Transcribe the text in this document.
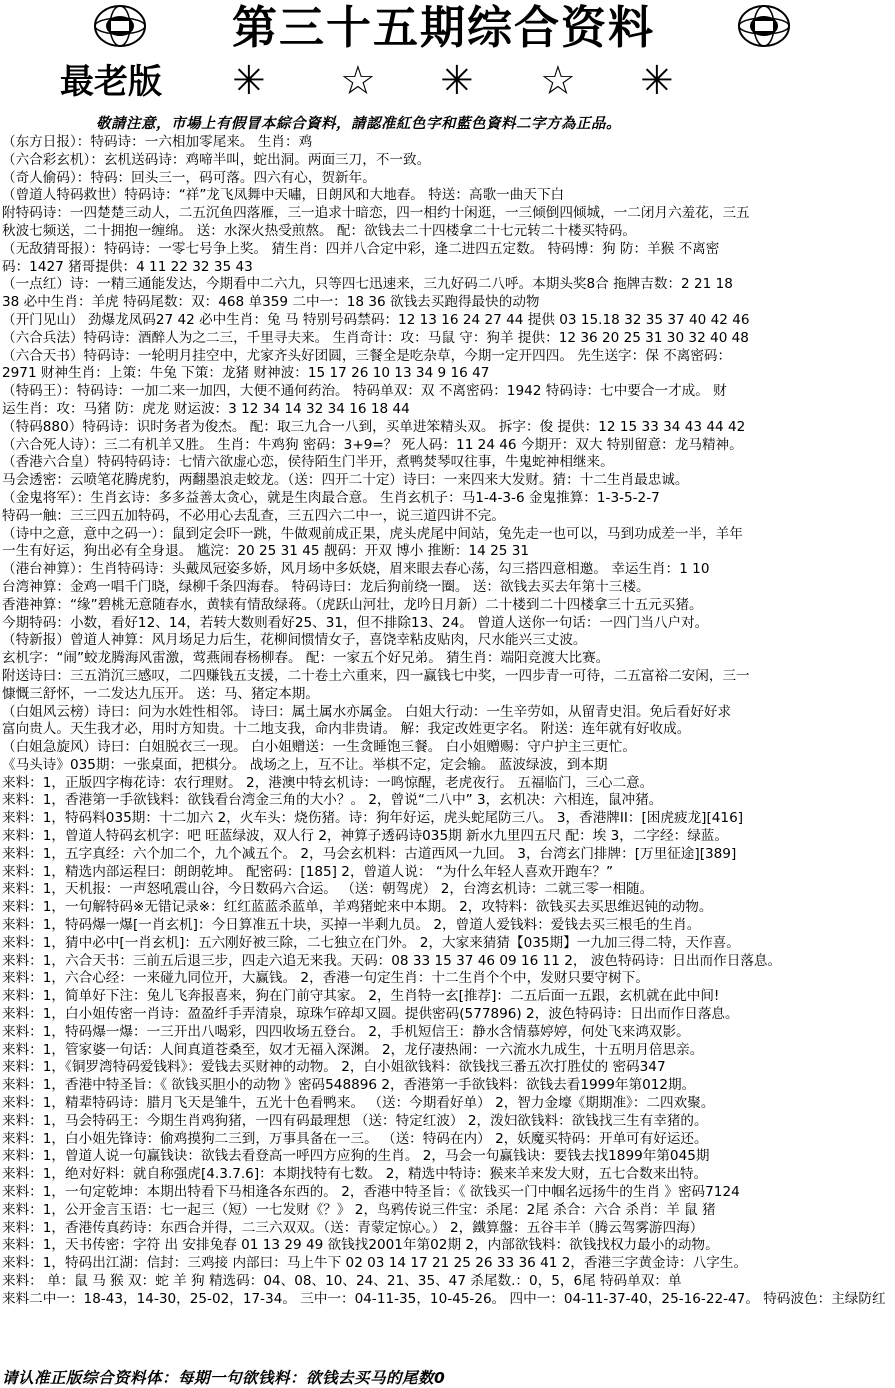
第三十五期综合资料
最老版 ✳ ☆ ✳ ☆ ✳
敬請注意，市場上有假冒本綜合資料，請認准紅色字和藍色資料二字方為正品。
（东方日报）：特码诗：一六相加零尾来。 生肖：鸡
（六合彩玄机）：玄机送码诗：鸡啼半叫，蛇出洞。两面三刀，不一致。
（奇人偷码）：特码：回头三一，码可落。四六有心，贺新年。
（曾道人特码救世）特码诗：“祥”龙飞凤舞中天嘯，日朗风和大地春。 特送：高歌一曲天下白
附特码诗：一四楚楚三动人，二五沉鱼四落雁，三一追求十暗恋，四一相约十闲逛，一三倾倒四倾城，一二闭月六羞花，三五
秋波七频送，二十拥抱一缠绵。 送：水深火热受煎熬。 配：欲钱去二十四楼拿二十七元转二十楼买特码。
（无敌猜哥报）：特码诗：一零七号争上奖。 猜生肖：四并八合定中彩，逢二进四五定数。 特码博：狗 防：羊猴 不离密
码：1427 猪哥提供：4 11 22 32 35 43
（一点红）诗：一精三通能发达，今期看中二六九，只等四七迅速来，三九好码二八呼。本期头奖8合 拖牌吉数：2 21 18
38 必中生肖：羊虎 特码尾数：双：468 单359 二中一：18 36 欲钱去买跑得最快的动物
（开门见山） 劲爆龙凤码27 42 必中生肖：兔 马 特别号码禁码：12 13 16 24 27 44 提供 03 15.18 32 35 37 40 42 46
（六合兵法）特码诗：酒醉人为之二三，千里寻夫来。 生肖奇计：攻：马鼠 守：狗羊 提供：12 36 20 25 31 30 32 40 48
（六合天书）特码诗：一轮明月挂空中，尤家齐头好团圆，三餐全是吃杂草，今期一定开四四。 先生送字：保 不离密码：
2971 财神生肖：上策：牛兔 下策：龙猪 财神波：15 17 26 10 13 34 9 16 47
（特码王）：特码诗：一加二来一加四，大便不通何药治。 特码单双：双 不离密码：1942 特码诗：七中要合一才成。 财
运生肖：攻：马猪 防：虎龙 财运波：3 12 34 14 32 34 16 18 44
（特码880）特码诗：识时务者为俊杰。 配：取三九合一八到，买单进笨精头双。 拆字：俊 提供：12 15 33 34 43 44 42
（六合死人诗）：三二有机羊又胜。 生肖：牛鸡狗 密码：3+9=？ 死人码：11 24 46 今期开：双大 特别留意：龙马精神。
（香港六合皇）特码特码诗：七情六欲虚心恋，侯待陌生门半开，煮鸭焚琴叹往事，牛鬼蛇神相继来。
马会透密：云喷笔花腾虎豹，两翻墨浪走蛟龙。（送：四开二十定）诗曰：一来四来大发财。猜：十二生肖最忠诚。
（金鬼将军）：生肖玄诗：多多益善太贪心，就是生肉最合意。 生肖玄机子：马1-4-3-6 金鬼推算：1-3-5-2-7
特码一触：三三四五加特码，不必用心去乱查，三五四六二中一，说三道四讲不完。
（诗中之意，意中之码一）：鼠到定会吓一跳，牛做观前成正果，虎头虎尾中间站，兔先走一也可以，马到功成差一半，羊年
一生有好运，狗出必有全身退。 尴浣：20 25 31 45 靓码：开双 博小 推断：14 25 31
（港台神算）：生肖特码诗：头戴凤冠姿多娇，风月场中多妖娆，眉来眼去春心荡，勾三搭四意相邀。 幸运生肖：1 10
台湾神算：金鸡一唱千门晓，绿柳千条四海春。 特码诗曰：龙后狗前绕一圈。 送：欲钱去买去年第十三楼。
香港神算：“缘”碧桃无意随春水，黄犊有情敌绿蒋。（虎跃山河壮，龙吟日月新）二十楼到二十四楼拿三十五元买猪。
今期特码：小数，看好12、14，若转大数则看好25、31，但不排除13、24。 曾道人送你一句话：一四门当八户对。
（特新报）曾道人神算：风月场足力后生，花柳间惯情女子，喜饶幸粘皮贴肉，尺水能兴三丈波。
玄机字：“闹”蛟龙腾海风雷激，莺燕闹春杨柳春。 配：一家五个好兄弟。 猜生肖：端阳竞渡大比赛。
附送诗曰：三五消沉三感叹，二四赚钱五支援，二十卷土六重来，四一赢钱七中奖，一四步青一可待，二五富裕二安闲，三一
慷慨三舒怀，一二发达九压开。 送：马、猪定本期。
（白姐风云榜）诗曰：问为水姓性相邻。 诗曰：属土属水亦属金。 白姐大行动：一生辛劳如，从留青史泪。免后看好好求
富向贵人。天生我才必，用时方知贵。十二地支我，命内非贵请。 解：我定改姓更字名。 附送：连年就有好收成。
（白姐急旋风）诗曰：白姐脱衣三一现。 白小姐赠送：一生贪睡饱三餐。 白小姐赠赐：守户护主三更忙。
《马头诗》035期：一张桌面，把棋分。 战场之上，互不让。举棋不定，定会输。 蓝波绿波，到本期
来料：1，正版四字梅花诗：农行理财。 2，港澳中特玄机诗：一鸣惊醒，老虎夜行。 五福临门，三心二意。
来料：1，香港第一手欲钱料：欲钱看台湾金三角的大小？。 2，曾说“二八中” 3，玄机决：六相连，鼠冲猪。
来料：1，特码料035期：十二加六 2，火车头：烧伤猪。诗：狗年好运，虎头蛇尾防三八。 3，香港牌II：[困虎疲龙][416]
来料：1，曾道人特码玄机字：吧 旺蓝绿波，双人行 2，神算子透码诗035期 新水九里四五尺 配：埃 3，二字经：绿蓝。
来料：1，五字真经：六个加二个，九个减五个。 2，马会玄机料：古道西风一九回。 3，台湾玄门排牌：[万里征途][389]
来料：1，精选内部运程曰：朗朗乾坤。 配密码：[185] 2，曾道人说： “为什么年轻人喜欢开跑车？”
来料：1，天机报：一声怒吼震山谷，今日数码六合运。 （送：朝驾虎） 2，台湾玄机诗：二就三零一相随。
来料：1，一句解特码※无错记录※：红红蓝蓝杀蓝单，羊鸡猪蛇来中本期。 2，攻特料：欲钱买去买思维迟钝的动物。
来料：1，特码爆一爆[一肖玄机]：今日算准五十块，买掉一半剩九员。 2，曾道人爱钱料：爱钱去买三根毛的生肖。
来料：1，猜中必中[一肖玄机]：五六刚好被三除，二七独立在门外。 2，大家来猜猜【035期】一九加三得二特，天作喜。
来料：1，六合天书：三前五后退三步，四走六追无来我。天码：08 33 15 37 46 09 16 11 2， 波色特码诗：日出而作日落息。
来料：1，六合心经：一来碰九同位开，大赢钱。 2，香港一句定生肖：十二生肖个个中，发财只要守树下。
来料：1，简单好下注：兔儿飞奔报喜来，狗在门前守其家。 2，生肖特一玄[推荐]：二五后面一五跟，玄机就在此中间!
来料：1，白小姐传密一肖诗：盈盈纤手弄清泉，琼珠乍碎却又圆。提供密码(577896) 2，波色特码诗：日出而作日落息。
来料：1，特码爆一爆：一三开出八喝彩，四四收场五登台。 2，手机短信王：静水含情慕婷婷，何处飞来鸿双影。
来料：1，管家婆一句话：人间真道苍桑至，奴才无福入深渊。 2，龙仔凄热闹：一六流水九成生，十五明月倍思亲。
来料：1，《铜罗湾特码爱钱料》：爱钱去买财神的动物。 2，白小姐欲钱料：欲钱找三番五次打胜仗的 密码347
来料：1，香港中特圣旨：《 欲钱买胆小的动物 》密码548896 2，香港第一手欲钱料：欲钱去看1999年第012期。
来料：1，精辈特码诗：腊月飞天是雏牛，五光十色看鸭来。 （送：今期看好单） 2，智力金壕《期期准》：二四欢聚。
来料：1，马会特码王：今期生肖鸡狗猪，一四有码最理想 （送：特定红波） 2，泼妇欲钱料：欲钱找三生有幸猪的。
来料：1，白小姐先锋诗：偷鸡摸狗二三到，万事具备在一三。 （送：特码在内） 2，妖魔买特码：开单可有好运还。
来料：1，曾道人说一句赢钱诀：欲钱去看登高一呼四方应狗的生肖。 2，马会一句赢钱诀：要钱去找1899年第045期
来料：1，绝对好料：就自称强虎[4.3.7.6]：本期找特有七数。 2，精选中特诗：猴来羊来发大财，五七合数来出特。
来料：1，一句定乾坤：本期出特看下马相逢各东西的。 2，香港中特圣旨：《 欲钱买一门中帼名远扬牛的生肖 》密码7124
来料：1，公开金言玉语：七一起三（短）一七发财《？》 2，鸟鸦传说三件宝：杀尾：2尾 杀合：六合 杀肖：羊 鼠 猪
来料：1，香港传真药诗：东西合并得，二三六双双。（送：青蒙定惊心。） 2，鐵算盤：五谷丰羊（腾云驾雾游四海）
来料：1，天书传密：字符 出 安排兔春 01 13 29 49 欲钱找2001年第02期 2，内部欲钱料：欲钱找权力最小的动物。
来料：1，特码出江湖：信封：三鸡接 内部曰：马上牛下 02 03 14 17 21 25 26 33 36 41 2，香港三字黄金诗：八字生。
来料： 单：鼠 马 猴 双：蛇 羊 狗 精选码：04、08、10、24、21、35、47 杀尾数.：0，5，6尾 特码单双：单
来料二中一：18-43，14-30，25-02，17-34。 三中一：04-11-35，10-45-26。 四中一：04-11-37-40，25-16-22-47。 特码波色：主绿防红
请认准正版综合资料体：每期一句欲钱料：欲钱去买马的尾数0
